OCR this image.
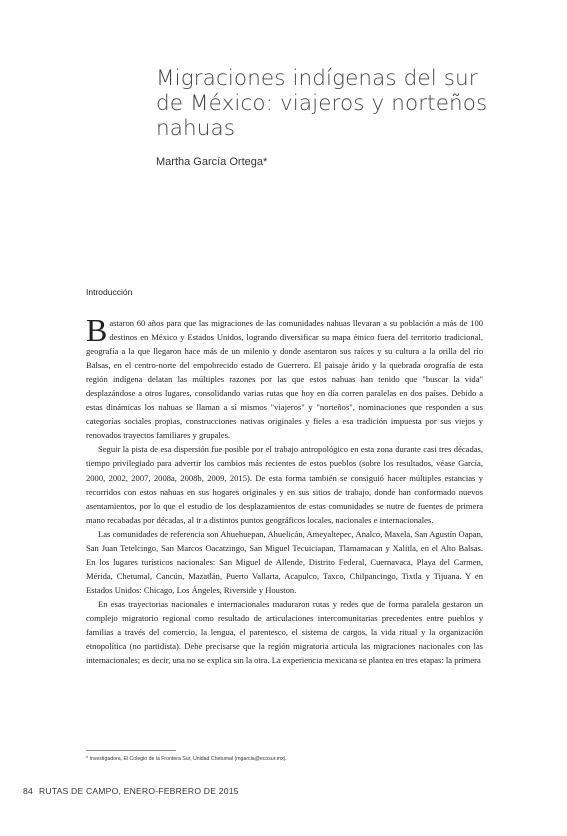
Migraciones indígenas del sur
de México: viajeros y norteños
nahuas
Martha García Ortega*
Introducción

Bastaron 60 años para que las migraciones de las comunidades nahuas llevaran a su población a más de 100 destinos en México y Estados Unidos, logrando diversificar su mapa étnico fuera del territorio tradicional, geografía a la que llegaron hace más de un milenio y donde asentaron sus raíces y su cultura a la orilla del río Balsas, en el centro-norte del empobrecido estado de Guerrero. El paisaje árido y la quebrada orografía de esta región indígena delatan las múltiples razones por las que estos nahuas han tenido que "buscar la vida" desplazándose a otros lugares, consolidando varias rutas que hoy en día corren paralelas en dos países. Debido a estas dinámicas los nahuas se llaman a sí mismos "viajeros" y "norteños", nominaciones que responden a sus categorías sociales propias, construcciones nativas originales y fieles a esa tradición impuesta por sus viejos y renovados trayectos familiares y grupales.

Seguir la pista de esa dispersión fue posible por el trabajo antropológico en esta zona durante casi tres décadas, tiempo privilegiado para advertir los cambios más recientes de estos pueblos (sobre los resultados, véase García, 2000, 2002, 2007, 2008a, 2008b, 2009, 2015). De esta forma también se consiguió hacer múltiples estancias y recorridos con estos nahuas en sus hogares originales y en sus sitios de trabajo, donde han conformado nuevos asentamientos, por lo que el estudio de los desplazamientos de estas comunidades se nutre de fuentes de primera mano recabadas por décadas, al ir a distintos puntos geográficos locales, nacionales e internacionales.

Las comunidades de referencia son Ahuehuepan, Ahuelicán, Ameyaltepec, Analco, Maxela, San Agustín Oapan, San Juan Tetelcingo, San Marcos Oacatzingo, San Miguel Tecuiciapan, Tlamamacan y Xalitla, en el Alto Balsas. En los lugares turísticos nacionales: San Miguel de Allende, Distrito Federal, Cuernavaca, Playa del Carmen, Mérida, Chetumal, Cancún, Mazatlán, Puerto Vallarta, Acapulco, Taxco, Chilpancingo, Tixtla y Tijuana. Y en Estados Unidos: Chicago, Los Ángeles, Riverside y Houston.

En esas trayectorias nacionales e internacionales maduraron rutas y redes que de forma paralela gestaron un complejo migratorio regional como resultado de articulaciones intercomunitarias precedentes entre pueblos y familias a través del comercio, la lengua, el parentesco, el sistema de cargos, la vida ritual y la organización etnopolítica (no partidista). Debe precisarse que la región migratoria articula las migraciones nacionales con las internacionales; es decir, una no se explica sin la otra. La experiencia mexicana se plantea en tres etapas: la primera

* Investigadora, El Colegio de la Frontera Sur, Unidad Chetumal (mgarcia@ecosur.mx).
84 RUTAS DE CAMPO, ENERO-FEBRERO DE 2015
